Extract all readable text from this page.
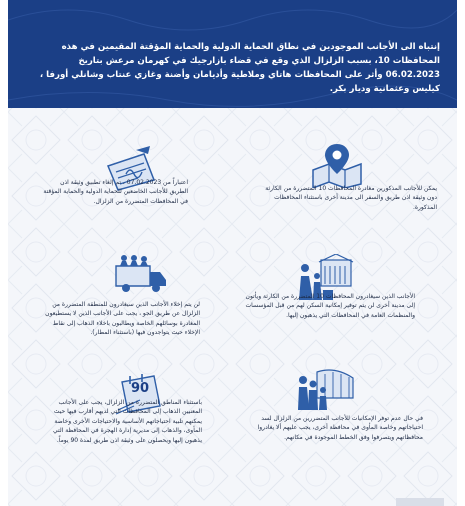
إنتباه الى الأجانب الموجودين في نطاق الحماية الدولية والحماية المؤقتة المقيمين في هذه المحافظات 10، بسبب الزلزال الذي وقع في قضاء بازارجيك في كهرمان مرعش بتاريخ 06.02.2023 وأثر على المحافظات هاتاي وملاطية وأديامان وأضنة وغازي عنتاب وشانلي أورفا ، كيليس وعثمانية وديار بكر.
يمكن للأجانب المذكورين مغادرة المحافظات 10 المتضررة من الكارثة دون وثيقة اذن طريق والسفر الى مدينة أخرى باستثناء المحافظات المذكورة.
اعتباراً من 07.02.2023 ، تم إلغاء تطبيق وثيقة اذن الطريق للأجانب الخاضعين للحماية الدولية والحماية المؤقتة في المحافظات المتضررة من الزلزال.
الأجانب الذين سيغادرون المحافظات 10 المتضررة من الكارثة ويأتون إلى مدينة أخرى لن يتم توفير إمكانية السكن لهم من قبل المؤسسات والمنظمات العامة في المحافظات التي يذهبون إليها.
لن يتم إخلاء الأجانب الذين سيغادرون للمنطقة المتضررة من الزلزال عن طريق الجو ، يجب على الأجانب الذين لا يستطيعون المغادرة بوسائلهم الخاصة ويطالبون باخلاء الذهاب إلى نقاط الإخلاء حيث يتواجدون فيها (باستثناء المطار).
في حال عدم توفر الإمكانيات للأجانب المتضررين من الزلزال لسد احتياجاتهم وخاصة المأوى في محافظة أخرى، يجب عليهم ألا يغادروا محافظاتهم ويتصرفوا وفق الخطط الموجودة في مكانهم.
90
باستثناء المناطق المتضررة من الزلزال، يجب على الأجانب المعنيين الذهاب إلى المحافظات التي لديهم أقارب فيها حيث يمكنهم تلبية احتياجاتهم الأساسية والاحتياجات الأخرى وخاصة المأوى، والذهاب إلى مديرية إدارة الهجرة في المحافظة التي يذهبون إليها ويحصلون على وثيقة اذن طريق لمدة 90 يوماً.
